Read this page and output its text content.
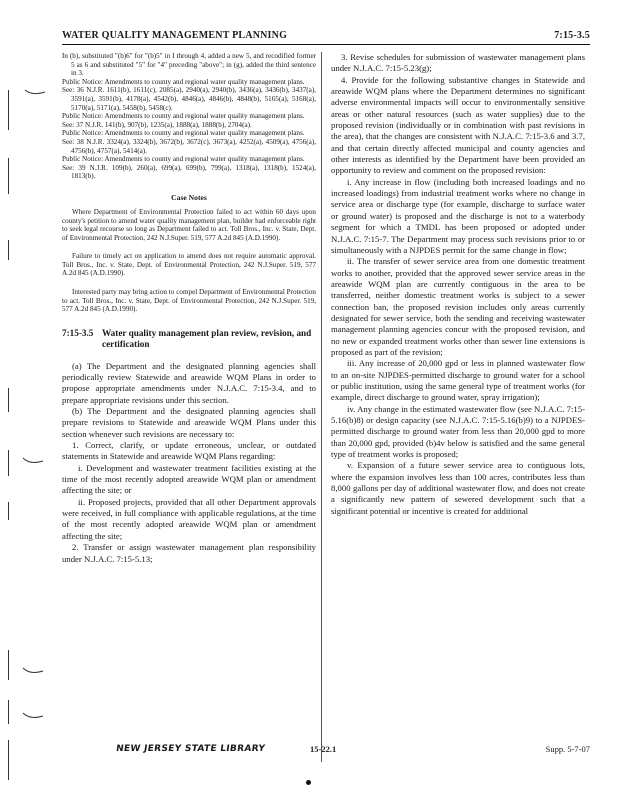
WATER QUALITY MANAGEMENT PLANNING	7:15-3.5

In (b), substituted "(b)6" for "(b)5" in I through 4, added a new 5, and recodified former 5 as 6 and substituted "5" for "4" preceding "above"; in (g), added the third sentence in 3.

Public Notice: Amendments to county and regional water quality management plans.

See: 36 N.J.R. 1611(b), 1611(c), 2085(a), 2940(a), 2940(b), 3436(a), 3436(b), 3437(a), 3591(a), 3591(b), 4178(a), 4542(b), 4846(a), 4846(b), 4848(b), 5165(a), 5168(a), 5170(a), 5171(a), 5458(b), 5458(c).

Public Notice: Amendments to county and regional water quality management plans.

See: 37 N.J.R. 141(b), 907(b), 1235(a), 1888(a), 1888(b), 2704(a).

Public Notice: Amendments to county and regional water quality management plans.

See: 38 N.J.R. 3324(a), 3324(b), 3672(b), 3672(c), 3673(a), 4252(a), 4509(a), 4756(a), 4756(b), 4757(a), 5414(a).

Public Notice: Amendments to county and regional water quality management plans.

See: 39 N.J.R. 109(b), 260(a), 699(a), 699(b), 799(a), 1318(a), 1318(b), 1524(a), 1813(b).

Case Notes

Where Department of Environmental Protection failed to act within 60 days upon county's petition to amend water quality management plan, builder had enforceable right to seek legal recourse so long as Department failed to act. Toll Bros., Inc. v. State, Dept. of Environmental Protection, 242 N.J.Super. 519, 577 A.2d 845 (A.D.1990).

Failure to timely act on application to amend does not require automatic approval. Toll Bros., Inc. v. State, Dept. of Environmental Protection, 242 N.J.Super. 519, 577 A.2d 845 (A.D.1990).

Interested party may bring action to compel Department of Environmental Protection to act. Toll Bros., Inc. v. State, Dept. of Environmental Protection, 242 N.J.Super. 519, 577 A.2d 845 (A.D.1990).

7:15-3.5 Water quality management plan review, revision, and certification

(a) The Department and the designated planning agencies shall periodically review Statewide and areawide WQM Plans in order to propose appropriate amendments under N.J.A.C. 7:15-3.4, and to prepare appropriate revisions under this section.

(b) The Department and the designated planning agencies shall prepare revisions to Statewide and areawide WQM Plans under this section whenever such revisions are necessary to:

1. Correct, clarify, or update erroneous, unclear, or outdated statements in Statewide and areawide WQM Plans regarding:

i. Development and wastewater treatment facilities existing at the time of the most recently adopted areawide WQM plan or amendment affecting the site; or

ii. Proposed projects, provided that all other Department approvals were received, in full compliance with applicable regulations, at the time of the most recently adopted areawide WQM plan or amendment affecting the site;

2. Transfer or assign wastewater management plan responsibility under N.J.A.C. 7:15-5.13;

3. Revise schedules for submission of wastewater management plans under N.J.A.C. 7:15-5.23(g);

4. Provide for the following substantive changes in Statewide and areawide WQM plans where the Department determines no significant adverse environmental impacts will occur to environmentally sensitive areas or other natural resources (such as water supplies) due to the proposed revision (individually or in combination with past revisions in the area), that the changes are consistent with N.J.A.C. 7:15-3.6 and 3.7, and that certain directly affected municipal and county agencies and other interests as identified by the Department have been provided an opportunity to review and comment on the proposed revision:

i. Any increase in flow (including both increased loadings and no increased loadings) from industrial treatment works where no change in service area or discharge type (for example, discharge to surface water or ground water) is proposed and the discharge is not to a waterbody segment for which a TMDL has been proposed or adopted under N.J.A.C. 7:15-7. The Department may process such revisions prior to or simultaneously with a NJPDES permit for the same change in flow;

ii. The transfer of sewer service area from one domestic treatment works to another, provided that the approved sewer service areas in the areawide WQM plan are currently contiguous in the area to be transferred, neither domestic treatment works is subject to a sewer connection ban, the proposed revision includes only areas currently designated for sewer service, both the sending and receiving wastewater management planning agencies concur with the proposed revision, and no new or expanded treatment works other than sewer line extensions is proposed as part of the revision;

iii. Any increase of 20,000 gpd or less in planned wastewater flow to an on-site NJPDES-permitted discharge to ground water for a school or public institution, using the same general type of treatment works (for example, direct discharge to ground water, spray irrigation);

iv. Any change in the estimated wastewater flow (see N.J.A.C. 7:15-5.16(b)8) or design capacity (see N.J.A.C. 7:15-5.16(b)9) to a NJPDES-permitted discharge to ground water from less than 20,000 gpd to more than 20,000 gpd, provided (b)4v below is satisfied and the same general type of treatment works is proposed;

v. Expansion of a future sewer service area to contiguous lots, where the expansion involves less than 100 acres, contributes less than 8,000 gallons per day of additional wastewater flow, and does not create a significantly new pattern of sewered development such that a significant potential or incentive is created for additional

NEW JERSEY STATE LIBRARY	15-22.1	Supp. 5-7-07
